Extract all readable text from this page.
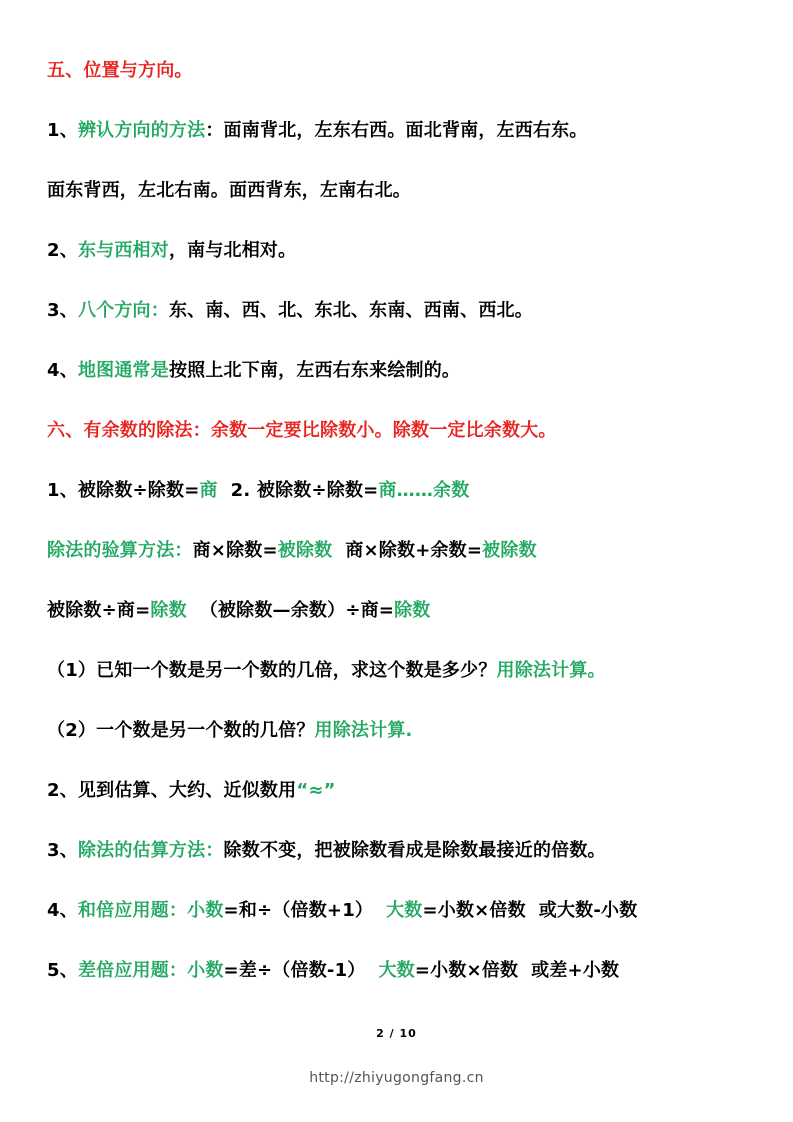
五、位置与方向。
1、辨认方向的方法：面南背北，左东右西。面北背南，左西右东。
面东背西，左北右南。面西背东，左南右北。
2、东与西相对，南与北相对。
3、八个方向：东、南、西、北、东北、东南、西南、西北。
4、地图通常是按照上北下南，左西右东来绘制的。
六、有余数的除法：余数一定要比除数小。除数一定比余数大。
1、被除数÷除数=商  2. 被除数÷除数=商……余数
除法的验算方法：商×除数=被除数  商×除数+余数=被除数
被除数÷商=除数  （被除数—余数）÷商=除数
（1）已知一个数是另一个数的几倍，求这个数是多少？用除法计算。
（2）一个数是另一个数的几倍？用除法计算.
2、见到估算、大约、近似数用“≈”
3、除法的估算方法：除数不变，把被除数看成是除数最接近的倍数。
4、和倍应用题：小数=和÷（倍数+1）  大数=小数×倍数  或大数-小数
5、差倍应用题：小数=差÷（倍数-1）  大数=小数×倍数  或差+小数
2 / 10
http://zhiyugongfang.cn
